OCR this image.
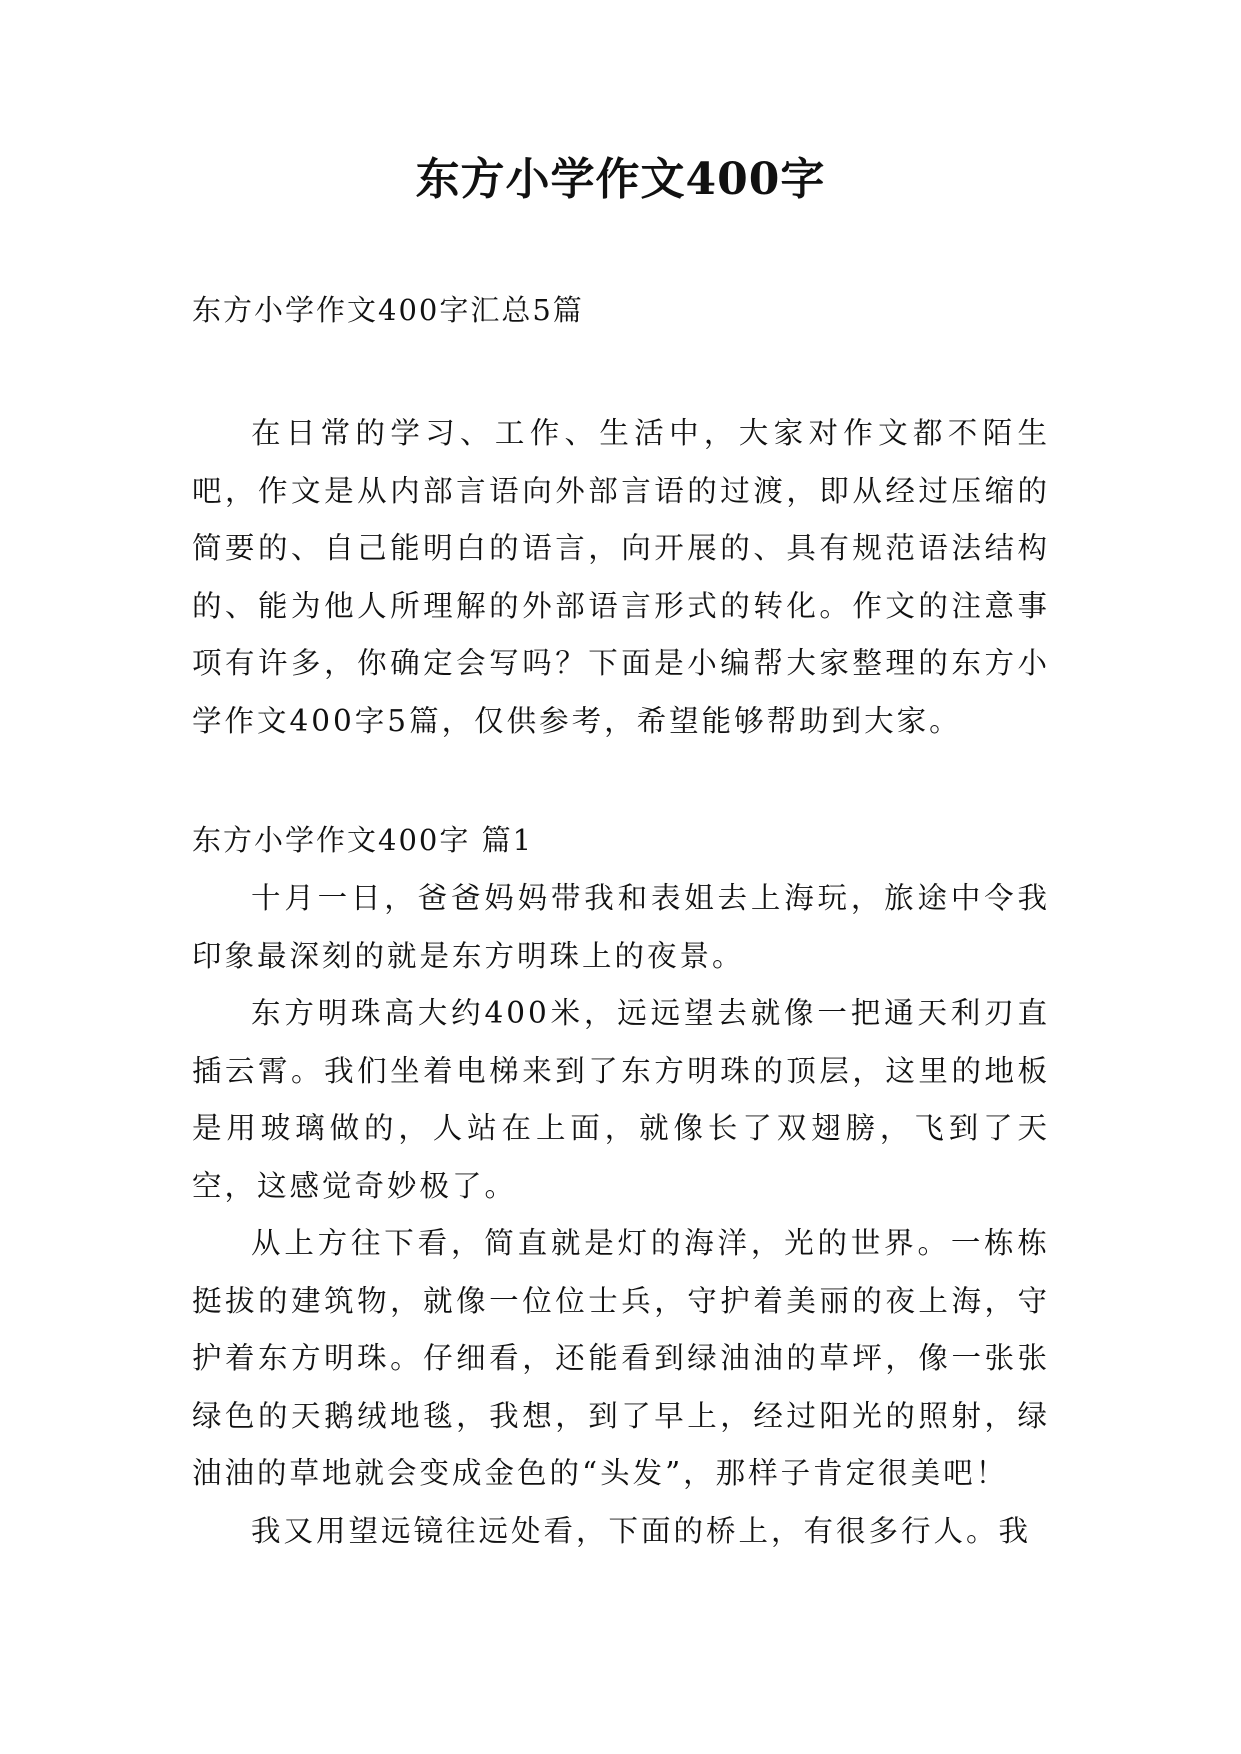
东方小学作文400字

东方小学作文400字汇总5篇

在日常的学习、工作、生活中，大家对作文都不陌生吧，作文是从内部言语向外部言语的过渡，即从经过压缩的简要的、自己能明白的语言，向开展的、具有规范语法结构的、能为他人所理解的外部语言形式的转化。作文的注意事项有许多，你确定会写吗？下面是小编帮大家整理的东方小学作文400字5篇，仅供参考，希望能够帮助到大家。

东方小学作文400字 篇1

十月一日，爸爸妈妈带我和表姐去上海玩，旅途中令我印象最深刻的就是东方明珠上的夜景。

东方明珠高大约400米，远远望去就像一把通天利刃直插云霄。我们坐着电梯来到了东方明珠的顶层，这里的地板是用玻璃做的，人站在上面，就像长了双翅膀，飞到了天空，这感觉奇妙极了。

从上方往下看，简直就是灯的海洋，光的世界。一栋栋挺拔的建筑物，就像一位位士兵，守护着美丽的夜上海，守护着东方明珠。仔细看，还能看到绿油油的草坪，像一张张绿色的天鹅绒地毯，我想，到了早上，经过阳光的照射，绿油油的草地就会变成金色的“头发”，那样子肯定很美吧！

我又用望远镜往远处看，下面的桥上，有很多行人。我
